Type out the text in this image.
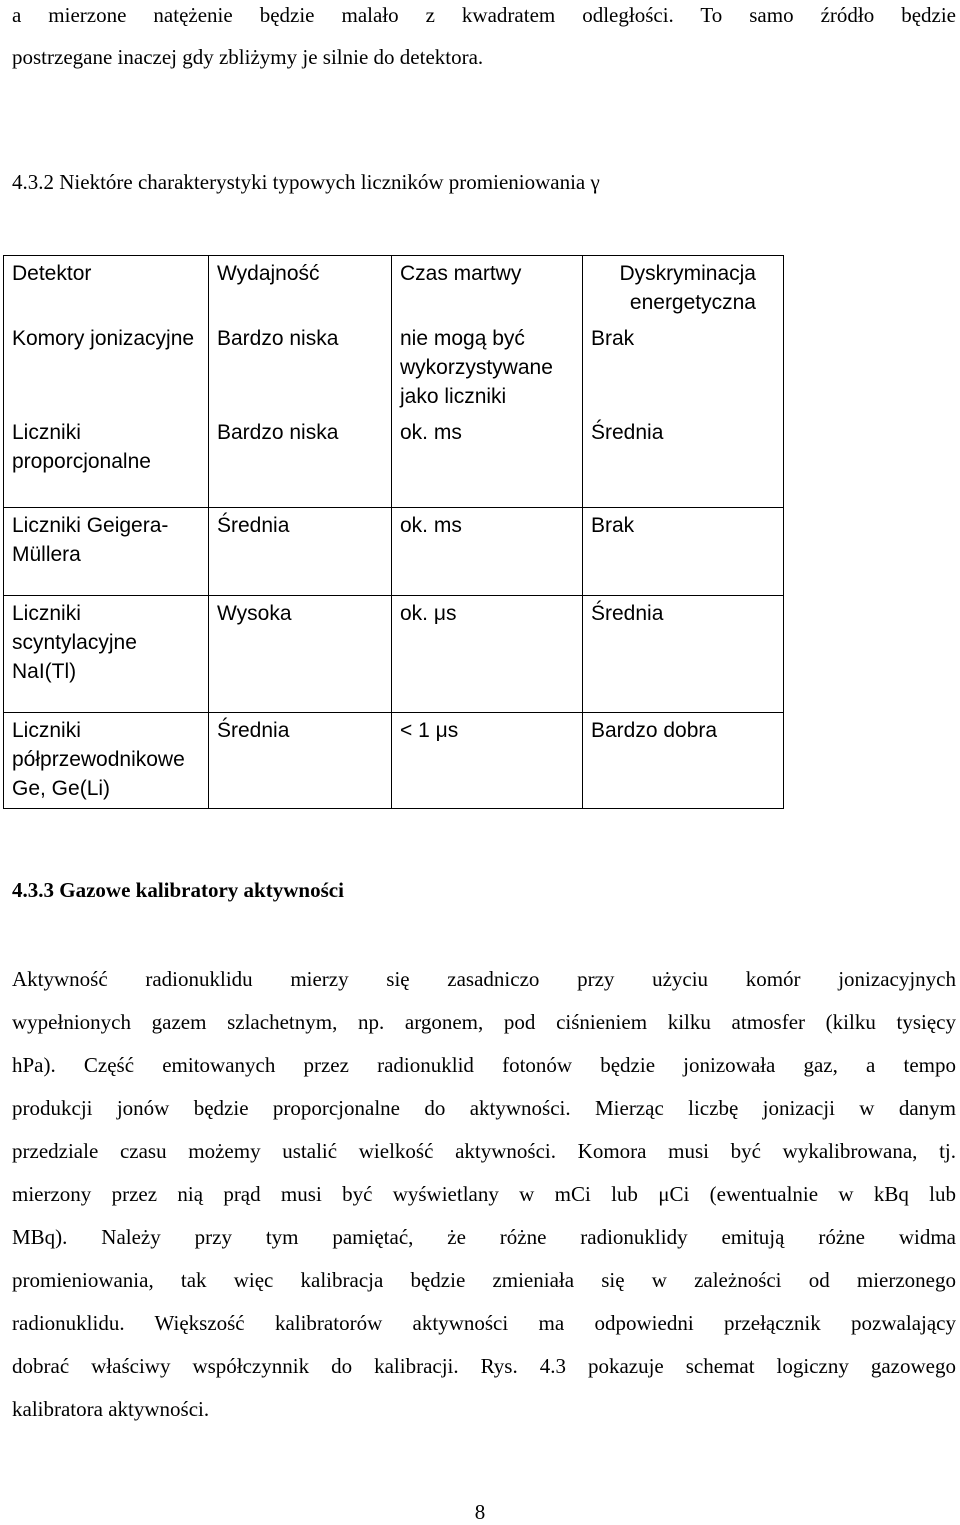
a mierzone natężenie będzie malało z kwadratem odległości. To samo źródło będzie
postrzegane inaczej gdy zbliżymy je silnie do detektora.
4.3.2 Niektóre charakterystyki typowych liczników promieniowania γ
Detektor	Wydajność	Czas martwy	Dyskryminacja energetyczna
Komory jonizacyjne	Bardzo niska	nie mogą być wykorzystywane jako liczniki	Brak
Liczniki proporcjonalne	Bardzo niska	ok. ms	Średnia
Liczniki Geigera-Müllera	Średnia	ok. ms	Brak
Liczniki scyntylacyjne NaI(Tl)	Wysoka	ok. μs	Średnia
Liczniki półprzewodnikowe Ge, Ge(Li)	Średnia	< 1 μs	Bardzo dobra
4.3.3 Gazowe kalibratory aktywności
Aktywność radionuklidu mierzy się zasadniczo przy użyciu komór jonizacyjnych
wypełnionych gazem szlachetnym, np. argonem, pod ciśnieniem kilku atmosfer (kilku tysięcy
hPa). Część emitowanych przez radionuklid fotonów będzie jonizowała gaz, a tempo
produkcji jonów będzie proporcjonalne do aktywności. Mierząc liczbę jonizacji w danym
przedziale czasu możemy ustalić wielkość aktywności. Komora musi być wykalibrowana, tj.
mierzony przez nią prąd musi być wyświetlany w mCi lub μCi (ewentualnie w kBq lub
MBq). Należy przy tym pamiętać, że różne radionuklidy emitują różne widma
promieniowania, tak więc kalibracja będzie zmieniała się w zależności od mierzonego
radionuklidu. Większość kalibratorów aktywności ma odpowiedni przełącznik pozwalający
dobrać właściwy współczynnik do kalibracji. Rys. 4.3 pokazuje schemat logiczny gazowego
kalibratora aktywności.
8
